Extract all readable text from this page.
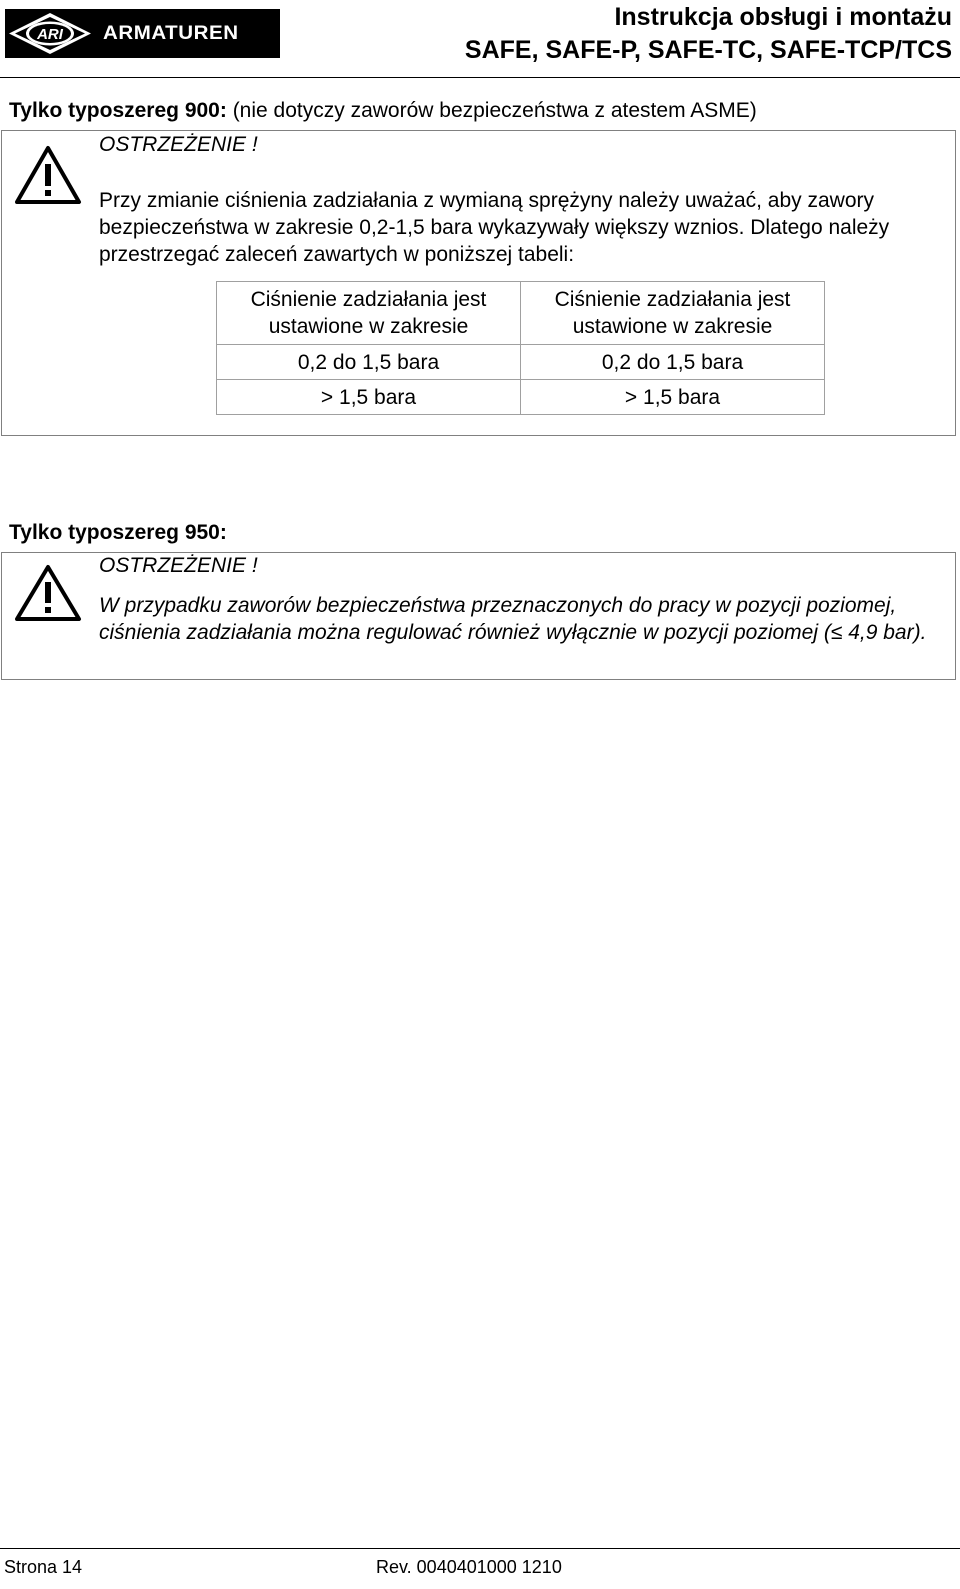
ARI ARMATUREN
Instrukcja obsługi i montażu
SAFE, SAFE-P, SAFE-TC, SAFE-TCP/TCS
Tylko typoszereg 900: (nie dotyczy zaworów bezpieczeństwa z atestem ASME)
OSTRZEŻENIE !
Przy zmianie ciśnienia zadziałania z wymianą sprężyny należy uważać, aby zawory bezpieczeństwa w zakresie 0,2-1,5 bara wykazywały większy wznios. Dlatego należy przestrzegać zaleceń zawartych w poniższej tabeli:
Ciśnienie zadziałania jest ustawione w zakresie	Ciśnienie zadziałania jest ustawione w zakresie
0,2 do 1,5 bara	0,2 do 1,5 bara
> 1,5 bara	> 1,5 bara
Tylko typoszereg 950:
OSTRZEŻENIE !
W przypadku zaworów bezpieczeństwa przeznaczonych do pracy w pozycji poziomej, ciśnienia zadziałania można regulować również wyłącznie w pozycji poziomej (≤ 4,9 bar).
Strona 14	Rev. 0040401000 1210
